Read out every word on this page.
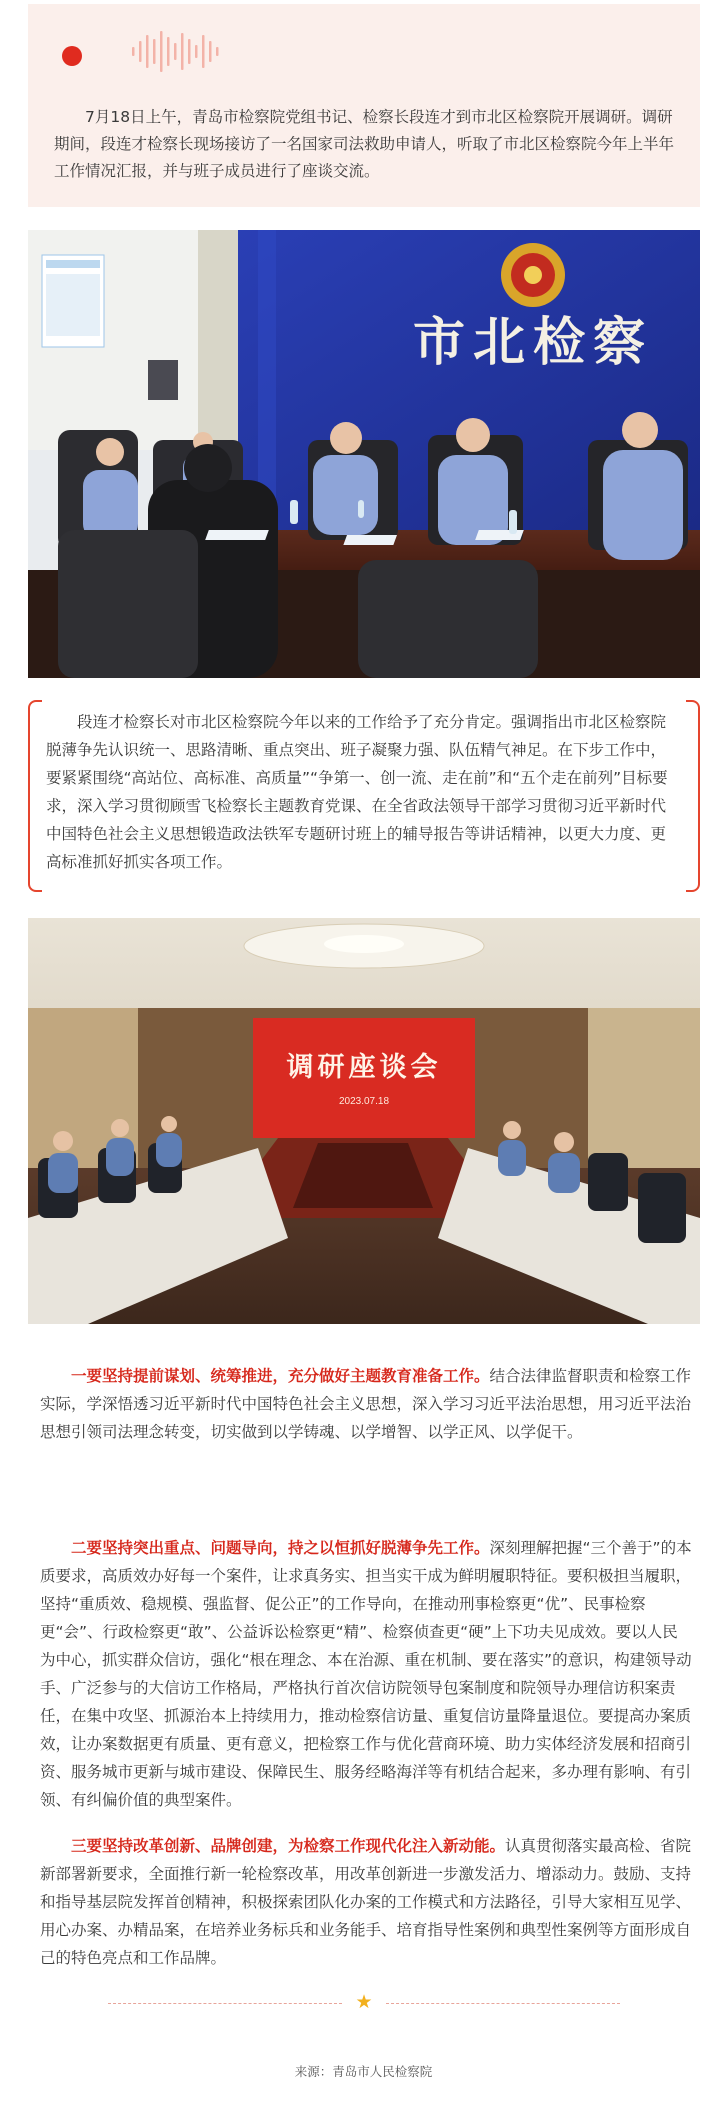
7月18日上午，青岛市检察院党组书记、检察长段连才到市北区检察院开展调研。调研期间，段连才检察长现场接访了一名国家司法救助申请人，听取了市北区检察院今年上半年工作情况汇报，并与班子成员进行了座谈交流。

市北检察

段连才检察长对市北区检察院今年以来的工作给予了充分肯定。强调指出市北区检察院脱薄争先认识统一、思路清晰、重点突出、班子凝聚力强、队伍精气神足。在下步工作中，要紧紧围绕“高站位、高标准、高质量”“争第一、创一流、走在前”和“五个走在前列”目标要求，深入学习贯彻顾雪飞检察长主题教育党课、在全省政法领导干部学习贯彻习近平新时代中国特色社会主义思想锻造政法铁军专题研讨班上的辅导报告等讲话精神，以更大力度、更高标准抓好抓实各项工作。

调研座谈会
2023.07.18

一要坚持提前谋划、统筹推进，充分做好主题教育准备工作。结合法律监督职责和检察工作实际，学深悟透习近平新时代中国特色社会主义思想，深入学习习近平法治思想，用习近平法治思想引领司法理念转变，切实做到以学铸魂、以学增智、以学正风、以学促干。

二要坚持突出重点、问题导向，持之以恒抓好脱薄争先工作。深刻理解把握“三个善于”的本质要求，高质效办好每一个案件，让求真务实、担当实干成为鲜明履职特征。要积极担当履职，坚持“重质效、稳规模、强监督、促公正”的工作导向，在推动刑事检察更“优”、民事检察更“会”、行政检察更“敢”、公益诉讼检察更“精”、检察侦查更“硬”上下功夫见成效。要以人民为中心，抓实群众信访，强化“根在理念、本在治源、重在机制、要在落实”的意识，构建领导动手、广泛参与的大信访工作格局，严格执行首次信访院领导包案制度和院领导办理信访积案责任，在集中攻坚、抓源治本上持续用力，推动检察信访量、重复信访量降量退位。要提高办案质效，让办案数据更有质量、更有意义，把检察工作与优化营商环境、助力实体经济发展和招商引资、服务城市更新与城市建设、保障民生、服务经略海洋等有机结合起来，多办理有影响、有引领、有纠偏价值的典型案件。

三要坚持改革创新、品牌创建，为检察工作现代化注入新动能。认真贯彻落实最高检、省院新部署新要求，全面推行新一轮检察改革，用改革创新进一步激发活力、增添动力。鼓励、支持和指导基层院发挥首创精神，积极探索团队化办案的工作模式和方法路径，引导大家相互见学、用心办案、办精品案，在培养业务标兵和业务能手、培育指导性案例和典型性案例等方面形成自己的特色亮点和工作品牌。

★

来源：青岛市人民检察院
